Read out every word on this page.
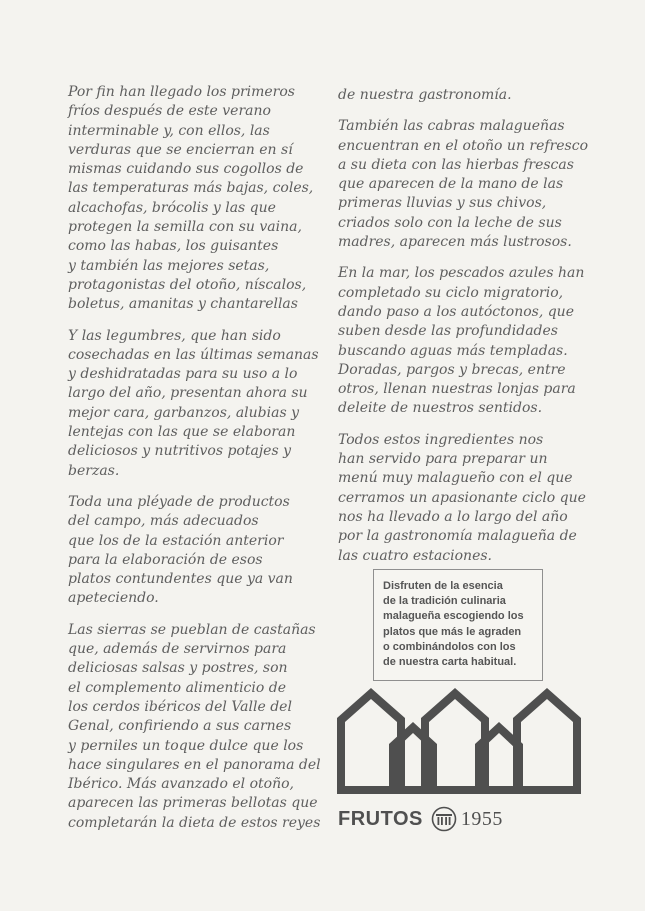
Por fin han llegado los primeros
fríos después de este verano
interminable y, con ellos, las
verduras que se encierran en sí
mismas cuidando sus cogollos de
las temperaturas más bajas, coles,
alcachofas, brócolis y las que
protegen la semilla con su vaina,
como las habas, los guisantes
y también las mejores setas,
protagonistas del otoño, níscalos,
boletus, amanitas y chantarellas

Y las legumbres, que han sido
cosechadas en las últimas semanas
y deshidratadas para su uso a lo
largo del año, presentan ahora su
mejor cara, garbanzos, alubias y
lentejas con las que se elaboran
deliciosos y nutritivos potajes y
berzas.

Toda una pléyade de productos
del campo, más adecuados
que los de la estación anterior
para la elaboración de esos
platos contundentes que ya van
apeteciendo.

Las sierras se pueblan de castañas
que, además de servirnos para
deliciosas salsas y postres, son
el complemento alimenticio de
los cerdos ibéricos del Valle del
Genal, confiriendo a sus carnes
y perniles un toque dulce que los
hace singulares en el panorama del
Ibérico. Más avanzado el otoño,
aparecen las primeras bellotas que
completarán la dieta de estos reyes

de nuestra gastronomía.

También las cabras malagueñas
encuentran en el otoño un refresco
a su dieta con las hierbas frescas
que aparecen de la mano de las
primeras lluvias y sus chivos,
criados solo con la leche de sus
madres, aparecen más lustrosos.

En la mar, los pescados azules han
completado su ciclo migratorio,
dando paso a los autóctonos, que
suben desde las profundidades
buscando aguas más templadas.
Doradas, pargos y brecas, entre
otros, llenan nuestras lonjas para
deleite de nuestros sentidos.

Todos estos ingredientes nos
han servido para preparar un
menú muy malagueño con el que
cerramos un apasionante ciclo que
nos ha llevado a lo largo del año
por la gastronomía malagueña de
las cuatro estaciones.

Disfruten de la esencia
de la tradición culinaria
malagueña escogiendo los
platos que más le agraden
o combinándolos con los
de nuestra carta habitual.
FRUTOS 1955
